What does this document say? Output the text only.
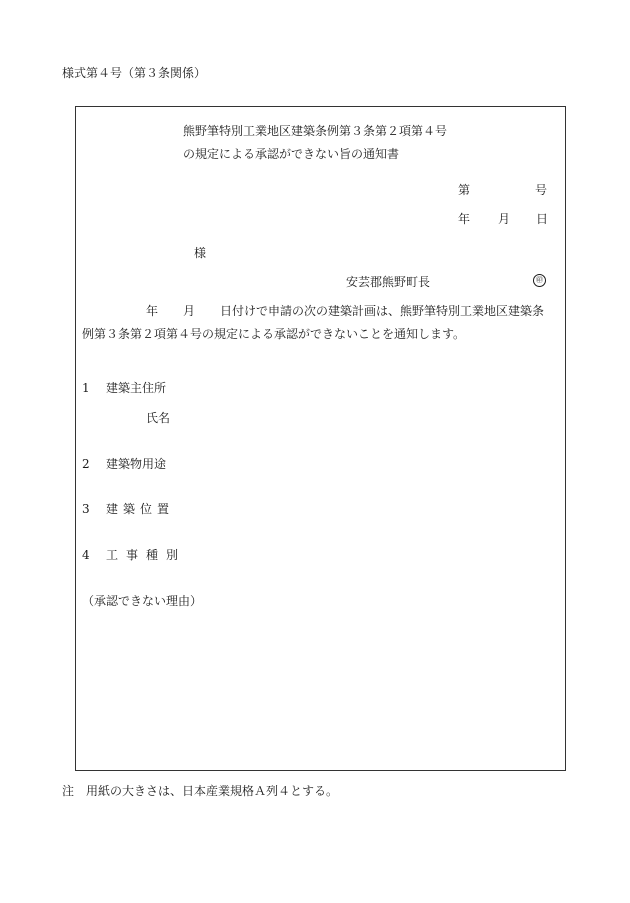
様式第４号（第３条関係）
熊野筆特別工業地区建築条例第３条第２項第４号
の規定による承認ができない旨の通知書
第	号
年 月 日
様
安芸郡熊野町長	㊞
年 月 日付けで申請の次の建築計画は、熊野筆特別工業地区建築条
例第３条第２項第４号の規定による承認ができないことを通知します。
1 建築主住所
氏名
2 建築物用途
3 建築位置
4 工事種別
（承認できない理由）
注　用紙の大きさは、日本産業規格Ａ列４とする。
